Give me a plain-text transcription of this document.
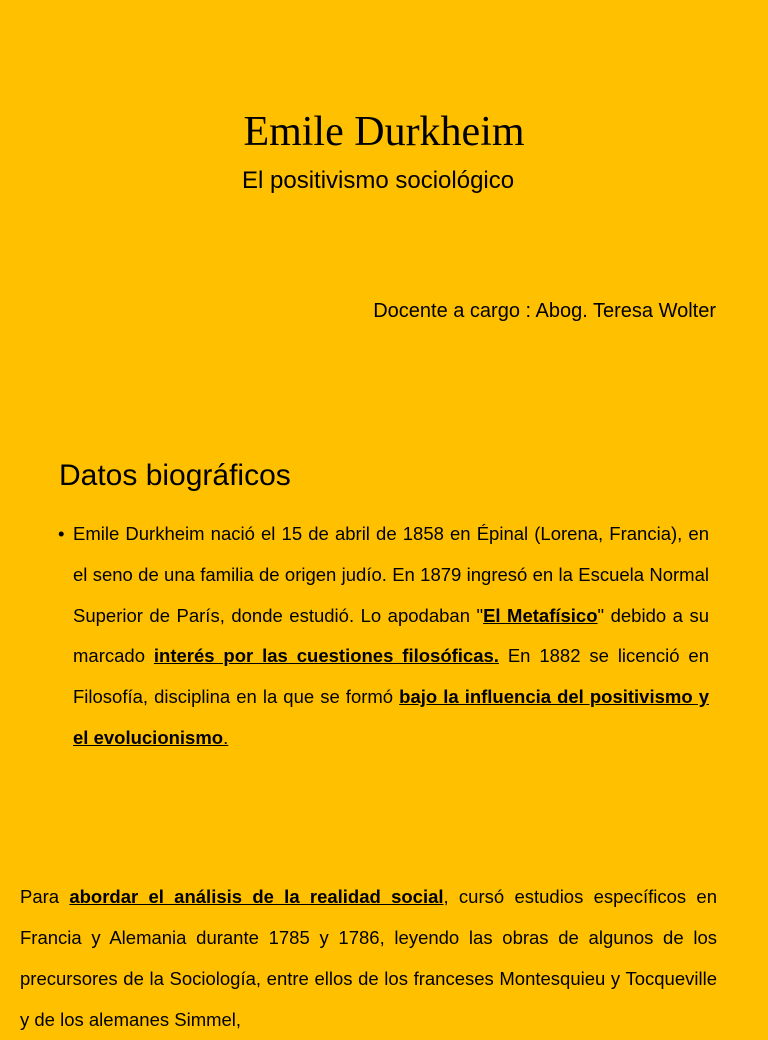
Emile Durkheim
El positivismo sociológico

Docente a cargo : Abog. Teresa Wolter

Datos biográficos
• Emile Durkheim nació el 15 de abril de 1858 en Épinal (Lorena, Francia), en el seno de una familia de origen judío. En 1879 ingresó en la Escuela Normal Superior de París, donde estudió. Lo apodaban "El Metafísico" debido a su marcado interés por las cuestiones filosóficas. En 1882 se licenció en Filosofía, disciplina en la que se formó bajo la influencia del positivismo y el evolucionismo.

Para abordar el análisis de la realidad social, cursó estudios específicos en Francia y Alemania durante 1785 y 1786, leyendo las obras de algunos de los precursores de la Sociología, entre ellos de los franceses Montesquieu y Tocqueville y de los alemanes Simmel,
